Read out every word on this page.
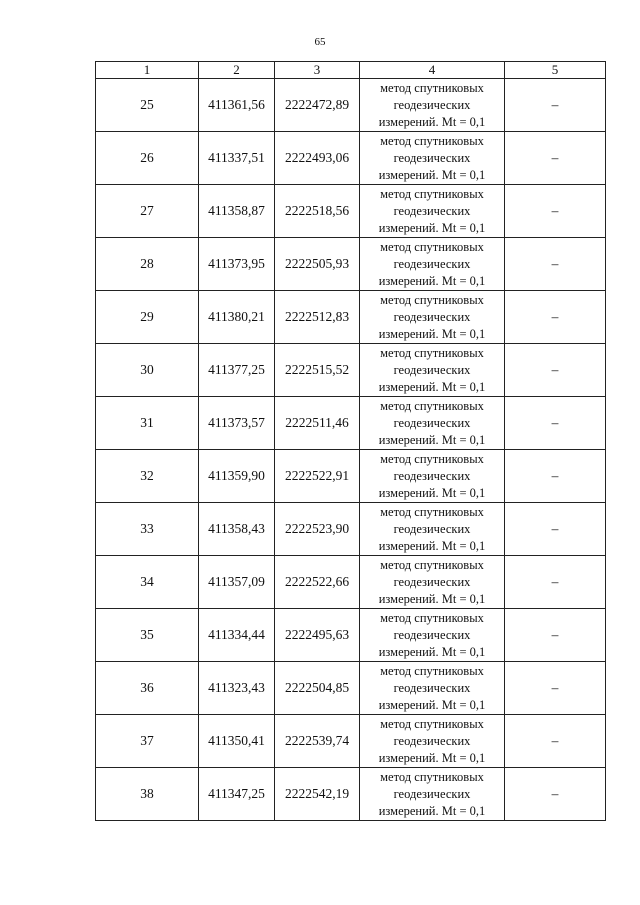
65
1	2	3	4	5
25	411361,56	2222472,89	метод спутниковых
геодезических
измерений. Mt = 0,1	–
26	411337,51	2222493,06	метод спутниковых
геодезических
измерений. Mt = 0,1	–
27	411358,87	2222518,56	метод спутниковых
геодезических
измерений. Mt = 0,1	–
28	411373,95	2222505,93	метод спутниковых
геодезических
измерений. Mt = 0,1	–
29	411380,21	2222512,83	метод спутниковых
геодезических
измерений. Mt = 0,1	–
30	411377,25	2222515,52	метод спутниковых
геодезических
измерений. Mt = 0,1	–
31	411373,57	2222511,46	метод спутниковых
геодезических
измерений. Mt = 0,1	–
32	411359,90	2222522,91	метод спутниковых
геодезических
измерений. Mt = 0,1	–
33	411358,43	2222523,90	метод спутниковых
геодезических
измерений. Mt = 0,1	–
34	411357,09	2222522,66	метод спутниковых
геодезических
измерений. Mt = 0,1	–
35	411334,44	2222495,63	метод спутниковых
геодезических
измерений. Mt = 0,1	–
36	411323,43	2222504,85	метод спутниковых
геодезических
измерений. Mt = 0,1	–
37	411350,41	2222539,74	метод спутниковых
геодезических
измерений. Mt = 0,1	–
38	411347,25	2222542,19	метод спутниковых
геодезических
измерений. Mt = 0,1	–
